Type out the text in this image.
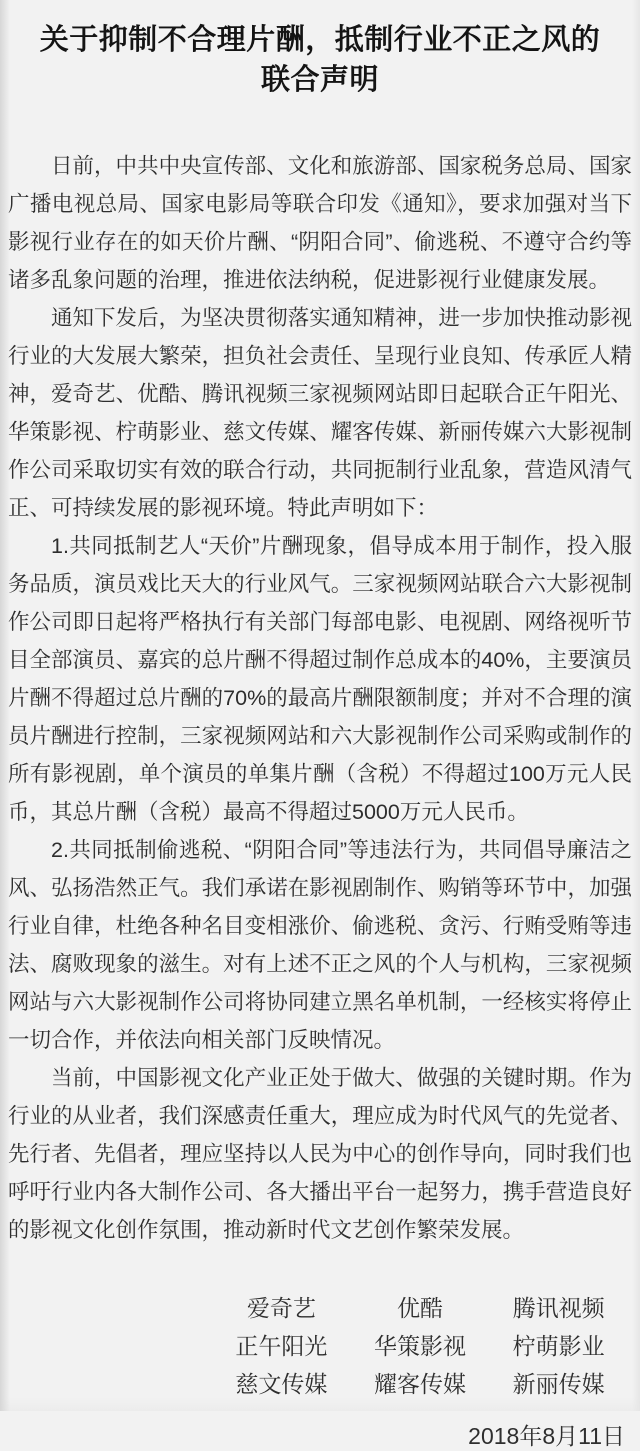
关于抑制不合理片酬，抵制行业不正之风的联合声明

日前，中共中央宣传部、文化和旅游部、国家税务总局、国家广播电视总局、国家电影局等联合印发《通知》，要求加强对当下影视行业存在的如天价片酬、“阴阳合同”、偷逃税、不遵守合约等诸多乱象问题的治理，推进依法纳税，促进影视行业健康发展。

通知下发后，为坚决贯彻落实通知精神，进一步加快推动影视行业的大发展大繁荣，担负社会责任、呈现行业良知、传承匠人精神，爱奇艺、优酷、腾讯视频三家视频网站即日起联合正午阳光、华策影视、柠萌影业、慈文传媒、耀客传媒、新丽传媒六大影视制作公司采取切实有效的联合行动，共同扼制行业乱象，营造风清气正、可持续发展的影视环境。特此声明如下：

1.共同抵制艺人“天价”片酬现象，倡导成本用于制作，投入服务品质，演员戏比天大的行业风气。三家视频网站联合六大影视制作公司即日起将严格执行有关部门每部电影、电视剧、网络视听节目全部演员、嘉宾的总片酬不得超过制作总成本的40%，主要演员片酬不得超过总片酬的70%的最高片酬限额制度；并对不合理的演员片酬进行控制，三家视频网站和六大影视制作公司采购或制作的所有影视剧，单个演员的单集片酬（含税）不得超过100万元人民币，其总片酬（含税）最高不得超过5000万元人民币。

2.共同抵制偷逃税、“阴阳合同”等违法行为，共同倡导廉洁之风、弘扬浩然正气。我们承诺在影视剧制作、购销等环节中，加强行业自律，杜绝各种名目变相涨价、偷逃税、贪污、行贿受贿等违法、腐败现象的滋生。对有上述不正之风的个人与机构，三家视频网站与六大影视制作公司将协同建立黑名单机制，一经核实将停止一切合作，并依法向相关部门反映情况。

当前，中国影视文化产业正处于做大、做强的关键时期。作为行业的从业者，我们深感责任重大，理应成为时代风气的先觉者、先行者、先倡者，理应坚持以人民为中心的创作导向，同时我们也呼吁行业内各大制作公司、各大播出平台一起努力，携手营造良好的影视文化创作氛围，推动新时代文艺创作繁荣发展。

爱奇艺	优酷	腾讯视频
正午阳光	华策影视	柠萌影业
慈文传媒	耀客传媒	新丽传媒
2018年8月11日
